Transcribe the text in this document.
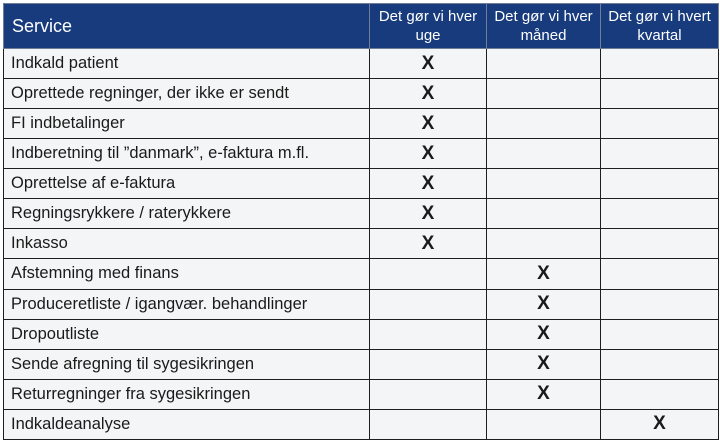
Service	Det gør vi hver uge	Det gør vi hver måned	Det gør vi hvert kvartal
Indkald patient	X		
Oprettede regninger, der ikke er sendt	X		
FI indbetalinger	X		
Indberetning til ”danmark”, e-faktura m.fl.	X		
Oprettelse af e-faktura	X		
Regningsrykkere / raterykkere	X		
Inkasso	X		
Afstemning med finans		X	
Produceretliste / igangvær. behandlinger		X	
Dropoutliste		X	
Sende afregning til sygesikringen		X	
Returregninger fra sygesikringen		X	
Indkaldeanalyse			X
